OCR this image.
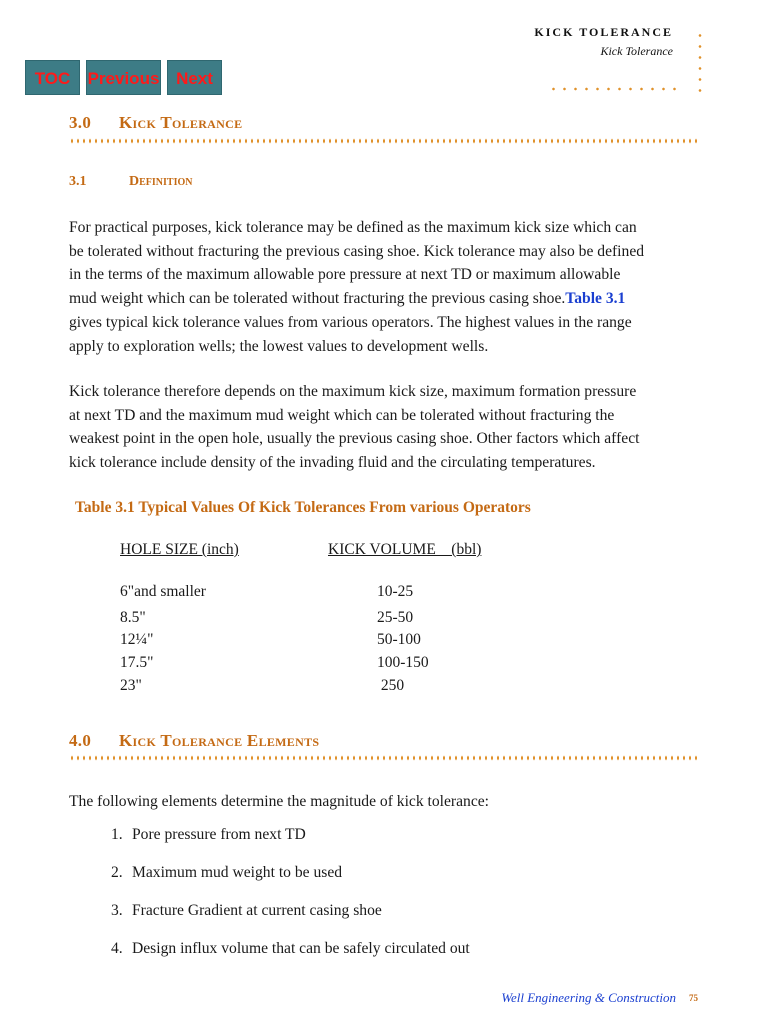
KICK TOLERANCE
Kick Tolerance
TOC	Previous Next
3.0 Kick Tolerance
3.1	Definition
For practical purposes, kick tolerance may be defined as the maximum kick size which can
be tolerated without fracturing the previous casing shoe. Kick tolerance may also be defined
in the terms of the maximum allowable pore pressure at next TD or maximum allowable
mud weight which can be tolerated without fracturing the previous casing shoe.Table 3.1
gives typical kick tolerance values from various operators. The highest values in the range
apply to exploration wells; the lowest values to development wells.
Kick tolerance therefore depends on the maximum kick size, maximum formation pressure
at next TD and the maximum mud weight which can be tolerated without fracturing the
weakest point in the open hole, usually the previous casing shoe. Other factors which affect
kick tolerance include density of the invading fluid and the circulating temperatures.
Table 3.1 Typical Values Of Kick Tolerances From various Operators
HOLE SIZE (inch)	KICK VOLUME    (bbl)
6"and smaller	10-25
8.5"	25-50
12¼"	50-100
17.5"	100-150
23"	250
4.0 Kick Tolerance Elements
The following elements determine the magnitude of kick tolerance:
1. Pore pressure from next TD
2. Maximum mud weight to be used
3. Fracture Gradient at current casing shoe
4. Design influx volume that can be safely circulated out
Well Engineering & Construction 75
